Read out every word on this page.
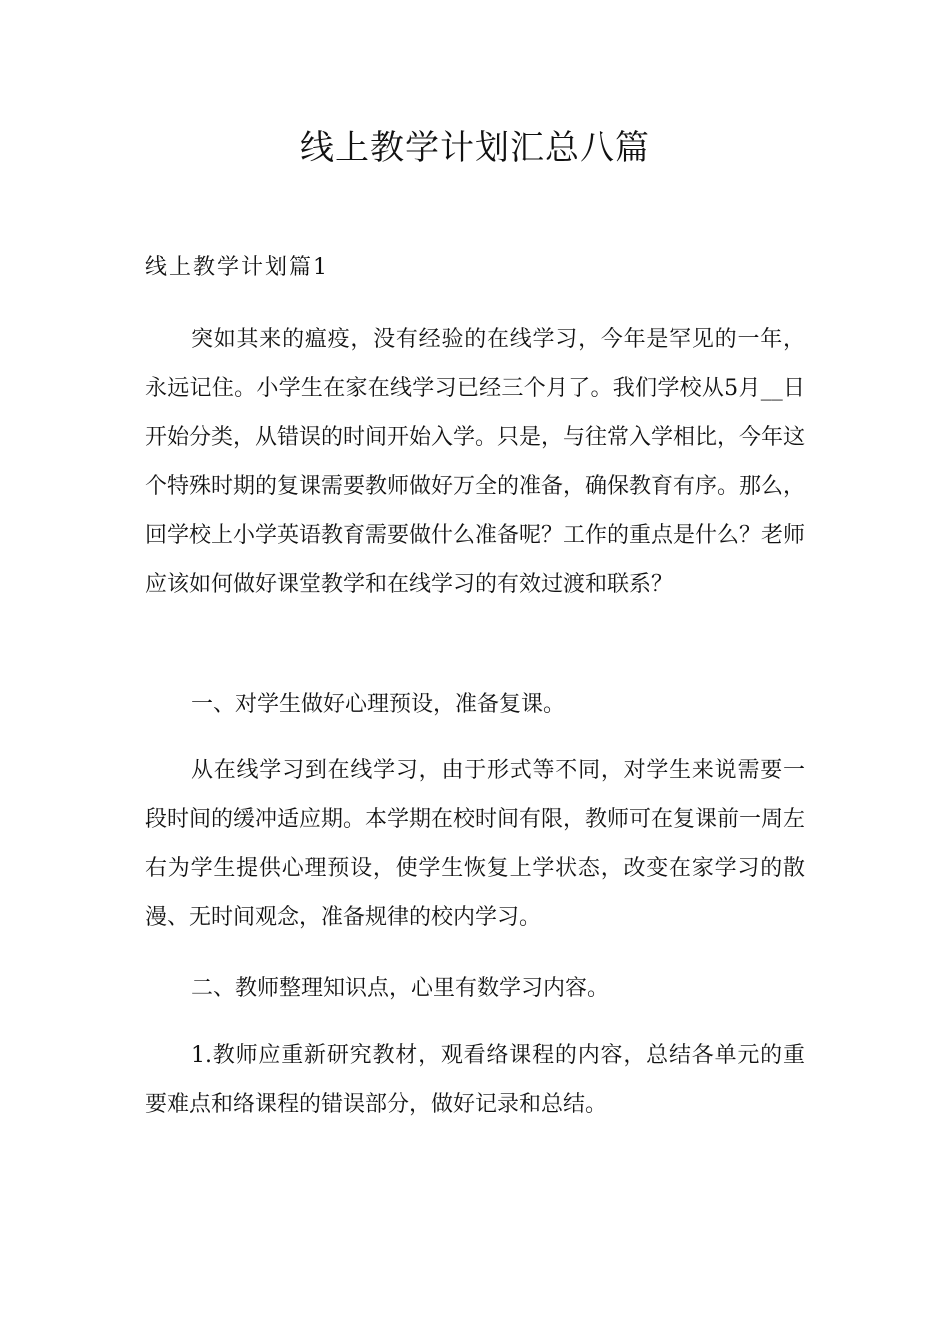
线上教学计划汇总八篇
线上教学计划篇1

突如其来的瘟疫，没有经验的在线学习，今年是罕见的一年，永远记住。小学生在家在线学习已经三个月了。我们学校从5月__日开始分类，从错误的时间开始入学。只是，与往常入学相比，今年这个特殊时期的复课需要教师做好万全的准备，确保教育有序。那么，回学校上小学英语教育需要做什么准备呢？工作的重点是什么？老师应该如何做好课堂教学和在线学习的有效过渡和联系？

一、对学生做好心理预设，准备复课。

从在线学习到在线学习，由于形式等不同，对学生来说需要一段时间的缓冲适应期。本学期在校时间有限，教师可在复课前一周左右为学生提供心理预设，使学生恢复上学状态，改变在家学习的散漫、无时间观念，准备规律的校内学习。

二、教师整理知识点，心里有数学习内容。

1.教师应重新研究教材，观看络课程的内容，总结各单元的重要难点和络课程的错误部分，做好记录和总结。
